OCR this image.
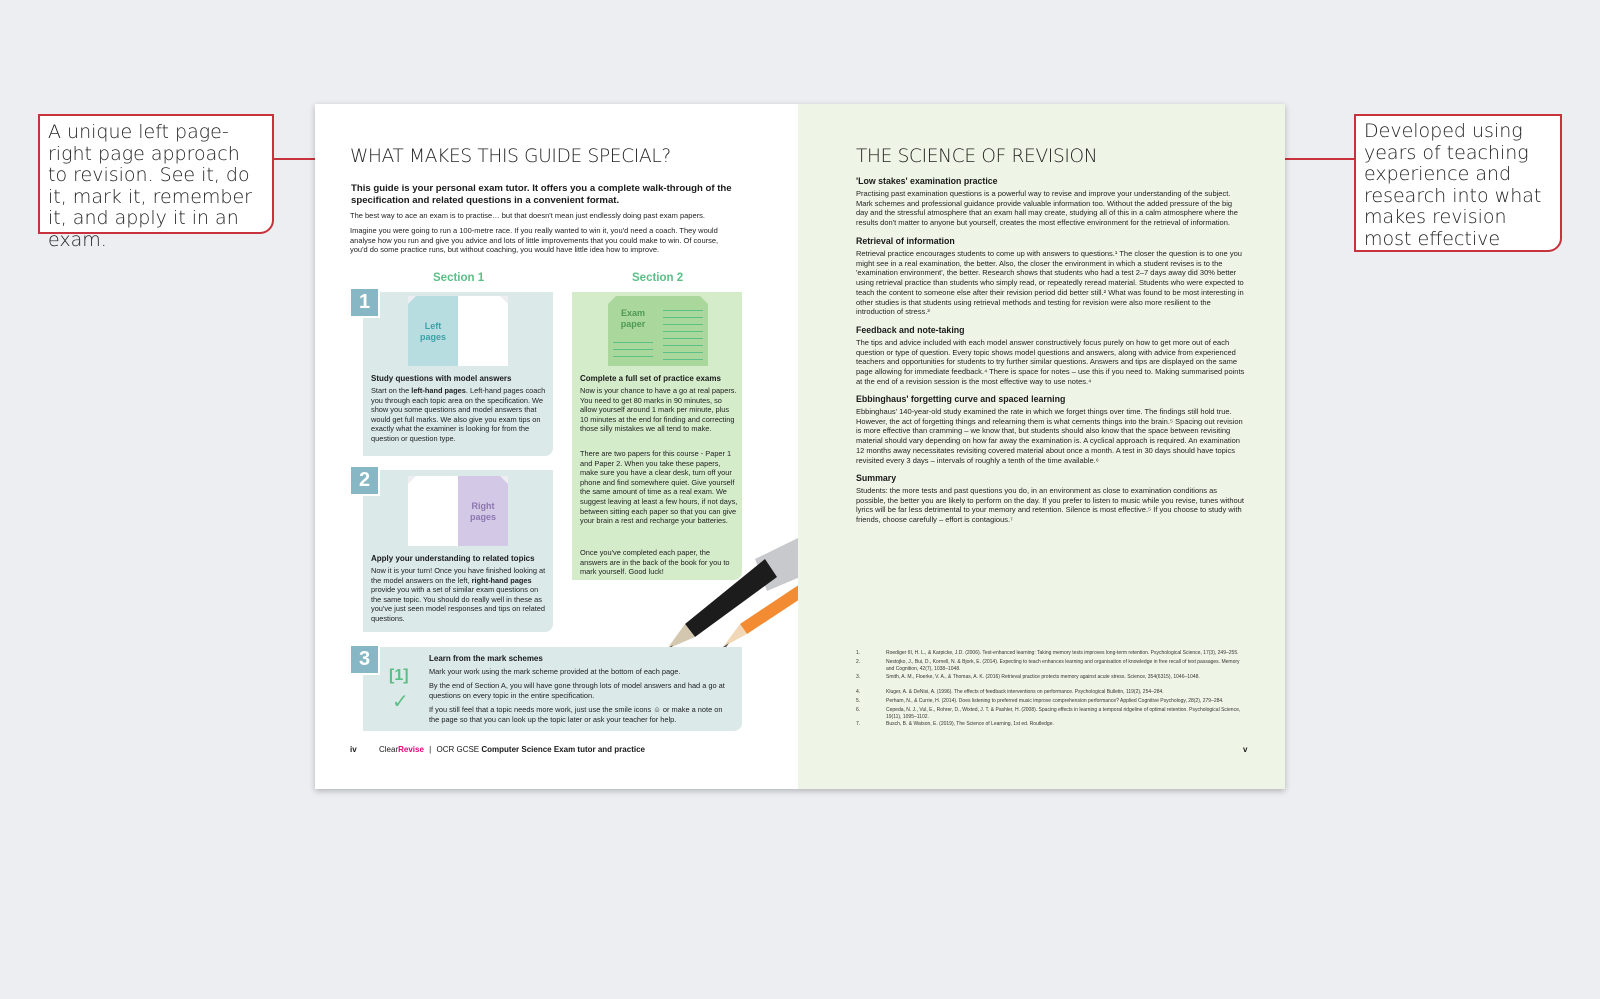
A unique left page-right page approach to revision. See it, do it, mark it, remember it, and apply it in an exam.
Developed using years of teaching experience and research into what makes revision most effective
WHAT MAKES THIS GUIDE SPECIAL?
This guide is your personal exam tutor. It offers you a complete walk-through of the specification and related questions in a convenient format.
The best way to ace an exam is to practise… but that doesn't mean just endlessly doing past exam papers.
Imagine you were going to run a 100-metre race. If you really wanted to win it, you'd need a coach. They would analyse how you run and give you advice and lots of little improvements that you could make to win. Of course, you'd do some practice runs, but without coaching, you would have little idea how to improve.
Section 1	Section 2
1
Left pages
Study questions with model answers
Start on the left-hand pages. Left-hand pages coach you through each topic area on the specification. We show you some questions and model answers that would get full marks. We also give you exam tips on exactly what the examiner is looking for from the question or question type.
2
Right pages
Apply your understanding to related topics
Now it is your turn! Once you have finished looking at the model answers on the left, right-hand pages provide you with a set of similar exam questions on the same topic. You should do really well in these as you've just seen model responses and tips on related questions.
Exam paper
Complete a full set of practice exams
Now is your chance to have a go at real papers. You need to get 80 marks in 90 minutes, so allow yourself around 1 mark per minute, plus 10 minutes at the end for finding and correcting those silly mistakes we all tend to make.
There are two papers for this course - Paper 1 and Paper 2. When you take these papers, make sure you have a clear desk, turn off your phone and find somewhere quiet. Give yourself the same amount of time as a real exam. We suggest leaving at least a few hours, if not days, between sitting each paper so that you can give your brain a rest and recharge your batteries.
Once you've completed each paper, the answers are in the back of the book for you to mark yourself. Good luck!
3
[1]
✓
Learn from the mark schemes
Mark your work using the mark scheme provided at the bottom of each page.
By the end of Section A, you will have gone through lots of model answers and had a go at questions on every topic in the entire specification.
If you still feel that a topic needs more work, just use the smile icons ☺ or make a note on the page so that you can look up the topic later or ask your teacher for help.
iv	ClearRevise | OCR GCSE Computer Science Exam tutor and practice
THE SCIENCE OF REVISION
'Low stakes' examination practice
Practising past examination questions is a powerful way to revise and improve your understanding of the subject. Mark schemes and professional guidance provide valuable information too. Without the added pressure of the big day and the stressful atmosphere that an exam hall may create, studying all of this in a calm atmosphere where the results don't matter to anyone but yourself, creates the most effective environment for the retrieval of information.
Retrieval of information
Retrieval practice encourages students to come up with answers to questions.¹ The closer the question is to one you might see in a real examination, the better. Also, the closer the environment in which a student revises is to the 'examination environment', the better. Research shows that students who had a test 2–7 days away did 30% better using retrieval practice than students who simply read, or repeatedly reread material. Students who were expected to teach the content to someone else after their revision period did better still.² What was found to be most interesting in other studies is that students using retrieval methods and testing for revision were also more resilient to the introduction of stress.³
Feedback and note-taking
The tips and advice included with each model answer constructively focus purely on how to get more out of each question or type of question. Every topic shows model questions and answers, along with advice from experienced teachers and opportunities for students to try further similar questions. Answers and tips are displayed on the same page allowing for immediate feedback.⁴ There is space for notes – use this if you need to. Making summarised points at the end of a revision session is the most effective way to use notes.⁴
Ebbinghaus' forgetting curve and spaced learning
Ebbinghaus' 140-year-old study examined the rate in which we forget things over time. The findings still hold true. However, the act of forgetting things and relearning them is what cements things into the brain.⁵ Spacing out revision is more effective than cramming – we know that, but students should also know that the space between revisiting material should vary depending on how far away the examination is. A cyclical approach is required. An examination 12 months away necessitates revisiting covered material about once a month. A test in 30 days should have topics revisited every 3 days – intervals of roughly a tenth of the time available.⁶
Summary
Students: the more tests and past questions you do, in an environment as close to examination conditions as possible, the better you are likely to perform on the day. If you prefer to listen to music while you revise, tunes without lyrics will be far less detrimental to your memory and retention. Silence is most effective.⁵ If you choose to study with friends, choose carefully – effort is contagious.⁷
1.	Roediger III, H. L., & Karpicke, J.D. (2006). Test-enhanced learning: Taking memory tests improves long-term retention. Psychological Science, 17(3), 249–255.
2.	Nestojko, J., Bui, D., Kornell, N. & Bjork, E. (2014). Expecting to teach enhances learning and organisation of knowledge in free recall of text passages. Memory and Cognition, 42(7), 1038–1048.
3.	Smith, A. M., Floerke, V. A., & Thomas, A. K. (2016) Retrieval practice protects memory against acute stress. Science, 354(6315), 1046–1048.
4.	Kluger, A. & DeNisi, A. (1996). The effects of feedback interventions on performance. Psychological Bulletin, 119(2), 254–284.
5.	Perham, N., & Currie, H. (2014). Does listening to preferred music improve comprehension performance? Applied Cognitive Psychology, 28(2), 279–284.
6.	Cepeda, N. J., Vul, E., Rohrer, D., Wixted, J. T. & Pashler, H. (2008). Spacing effects in learning a temporal ridgeline of optimal retention. Psychological Science, 19(11), 1095–1102.
7.	Busch, B. & Watson, E. (2019), The Science of Learning, 1st ed. Routledge.
v
